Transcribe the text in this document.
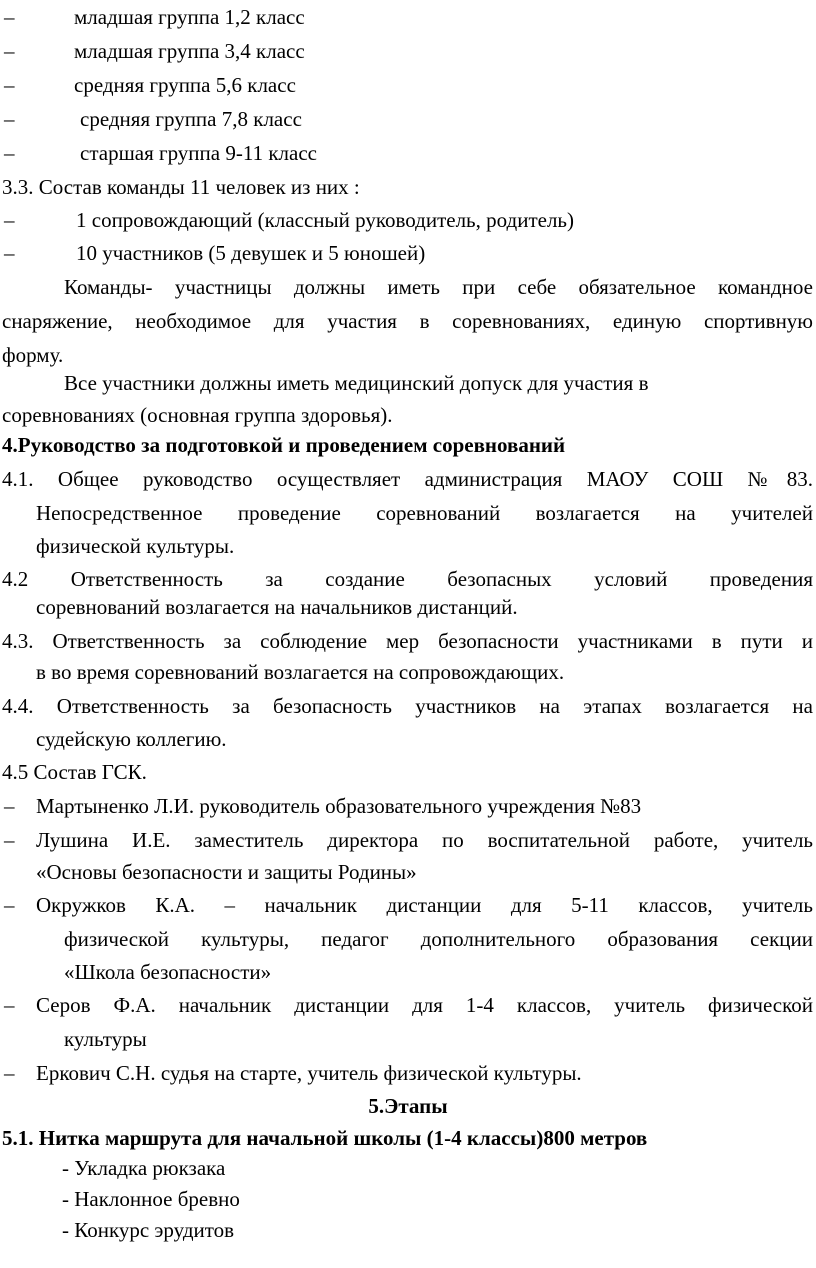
–	младшая группа 1,2 класс
–	младшая группа 3,4 класс
–	средняя группа 5,6 класс
–	средняя группа 7,8 класс
–	старшая группа 9-11 класс
3.3. Состав команды 11 человек из них :
–	1 сопровождающий (классный руководитель, родитель)
–	10 участников (5 девушек и 5 юношей)
Команды- участницы должны иметь при себе обязательное командное
снаряжение, необходимое для участия в соревнованиях, единую спортивную
форму.
Все участники должны иметь медицинский допуск для участия в
соревнованиях (основная группа здоровья).
4.Руководство за подготовкой и проведением соревнований
4.1. Общее руководство осуществляет администрация МАОУ СОШ №83.
Непосредственное проведение соревнований возлагается на учителей
физической культуры.
4.2 Ответственность за создание безопасных условий проведения
соревнований возлагается на начальников дистанций.
4.3. Ответственность за соблюдение мер безопасности участниками в пути и
в во время соревнований возлагается на сопровождающих.
4.4. Ответственность за безопасность участников на этапах возлагается на
судейскую коллегию.
4.5 Состав ГСК.
– Мартыненко Л.И. руководитель образовательного учреждения №83
– Лушина И.Е. заместитель директора по воспитательной работе, учитель
«Основы безопасности и защиты Родины»
– Окружков К.А. – начальник дистанции для 5-11 классов, учитель
физической культуры, педагог дополнительного образования секции
«Школа безопасности»
– Серов Ф.А. начальник дистанции для 1-4 классов, учитель физической
культуры
– Еркович С.Н. судья на старте, учитель физической культуры.
5.Этапы
5.1. Нитка маршрута для начальной школы (1-4 классы)800 метров
- Укладка рюкзака
- Наклонное бревно
- Конкурс эрудитов
